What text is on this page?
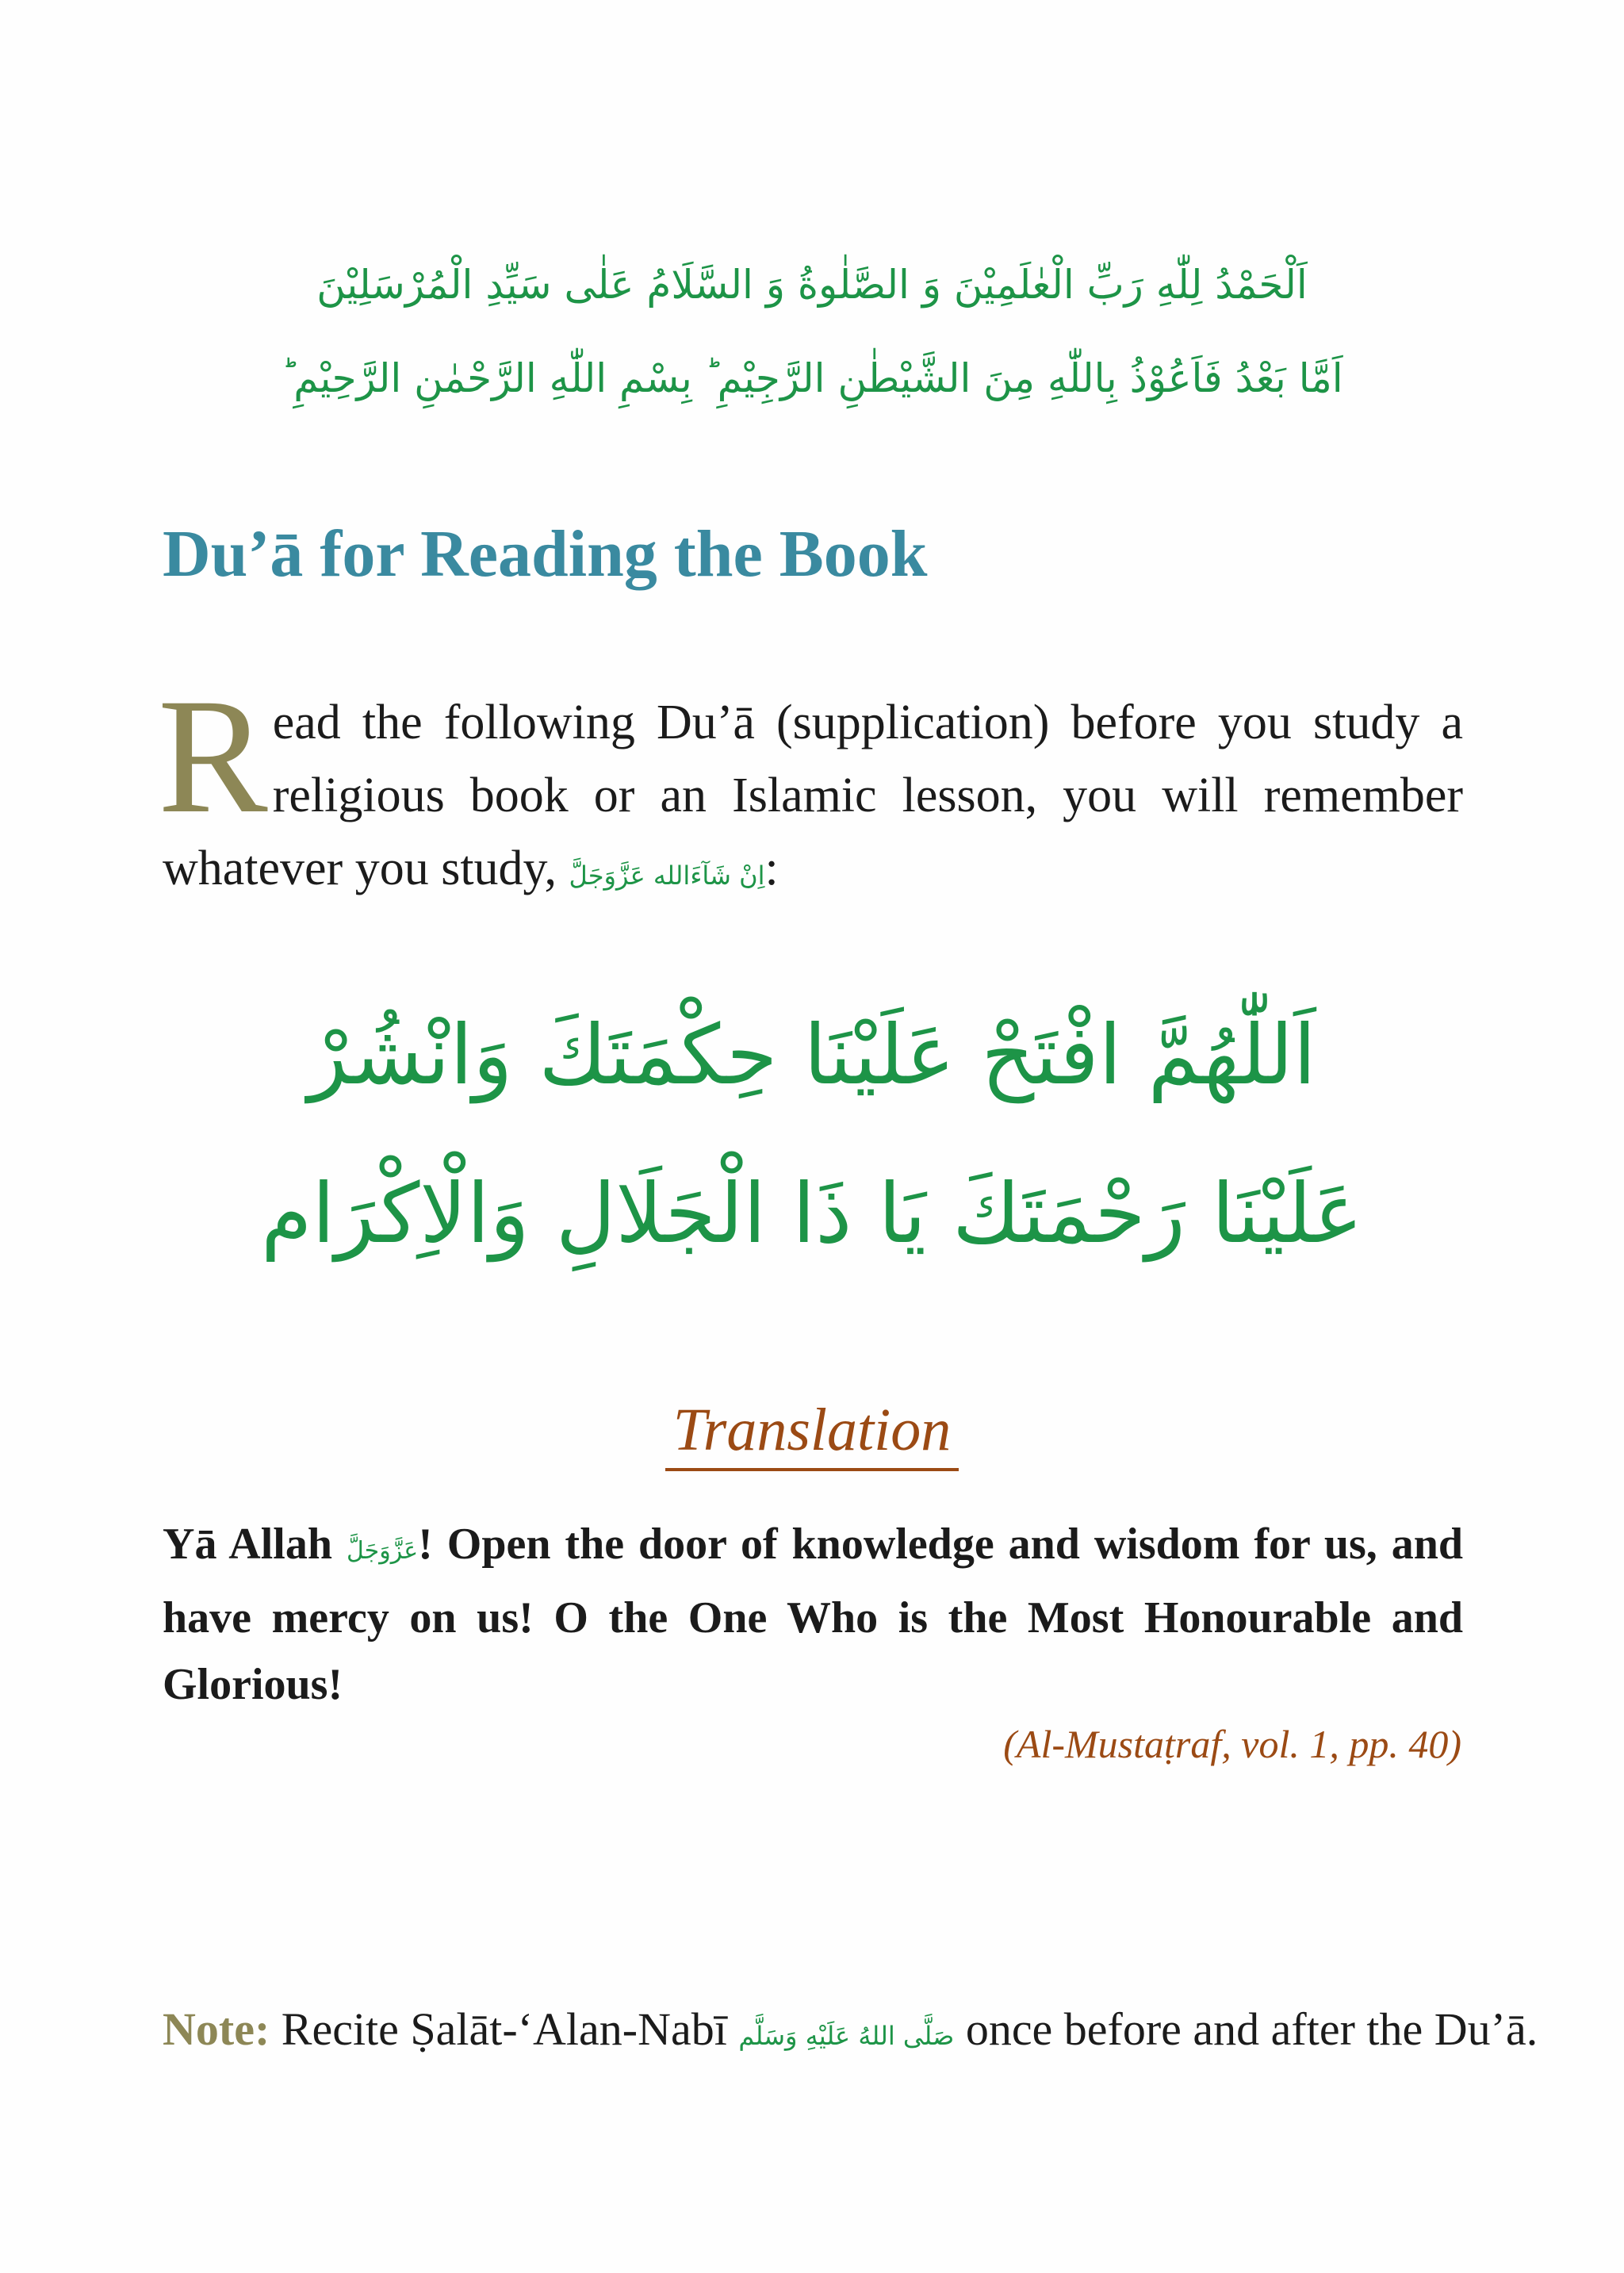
اَلْحَمْدُ لِلّٰهِ رَبِّ الْعٰلَمِیْنَ وَ الصَّلٰوةُ وَ السَّلَامُ عَلٰی سَیِّدِ الْمُرْسَلِیْنَ
اَمَّا بَعْدُ فَاَعُوْذُ بِاللّٰهِ مِنَ الشَّیْطٰنِ الرَّجِیْمِ ؕ بِسْمِ اللّٰهِ الرَّحْمٰنِ الرَّحِیْمِ ؕ
Du’ā for Reading the Book

Read the following Du’ā (supplication) before you study a religious book or an Islamic lesson, you will remember whatever you study, اِنْ شَآءَالله عَزَّوَجَلَّ:

اَللّٰهُمَّ افْتَحْ عَلَيْنَا حِكْمَتَكَ وَانْشُرْ
عَلَيْنَا رَحْمَتَكَ يَا ذَا الْجَلَالِ وَالْاِكْرَام
Translation

Yā Allah عَزَّوَجَلَّ! Open the door of knowledge and wisdom for us, and have mercy on us! O the One Who is the Most Honourable and Glorious!

(Al-Mustaṭraf, vol. 1, pp. 40)

Note: Recite Ṣalāt-‘Alan-Nabī صَلَّى اللهُ عَلَيْهِ وَسَلَّم once before and after the Du’ā.
